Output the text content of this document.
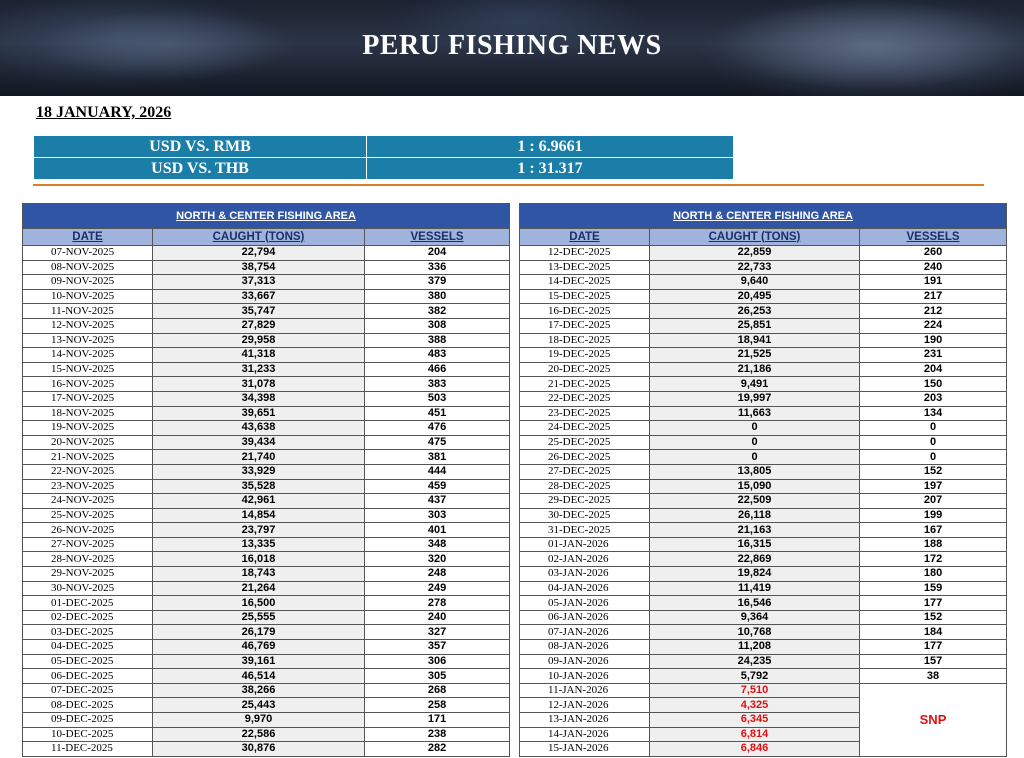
PERU FISHING NEWS
18 JANUARY, 2026
USD VS. RMB	1 : 6.9661
USD VS. THB	1 : 31.317
NORTH & CENTER FISHING AREA		
DATE	CAUGHT (TONS)	VESSELS
07-NOV-2025	22,794	204
08-NOV-2025	38,754	336
09-NOV-2025	37,313	379
10-NOV-2025	33,667	380
11-NOV-2025	35,747	382
12-NOV-2025	27,829	308
13-NOV-2025	29,958	388
14-NOV-2025	41,318	483
15-NOV-2025	31,233	466
16-NOV-2025	31,078	383
17-NOV-2025	34,398	503
18-NOV-2025	39,651	451
19-NOV-2025	43,638	476
20-NOV-2025	39,434	475
21-NOV-2025	21,740	381
22-NOV-2025	33,929	444
23-NOV-2025	35,528	459
24-NOV-2025	42,961	437
25-NOV-2025	14,854	303
26-NOV-2025	23,797	401
27-NOV-2025	13,335	348
28-NOV-2025	16,018	320
29-NOV-2025	18,743	248
30-NOV-2025	21,264	249
01-DEC-2025	16,500	278
02-DEC-2025	25,555	240
03-DEC-2025	26,179	327
04-DEC-2025	46,769	357
05-DEC-2025	39,161	306
06-DEC-2025	46,514	305
07-DEC-2025	38,266	268
08-DEC-2025	25,443	258
09-DEC-2025	9,970	171
10-DEC-2025	22,586	238
11-DEC-2025	30,876	282
NORTH & CENTER FISHING AREA		
DATE	CAUGHT (TONS)	VESSELS
12-DEC-2025	22,859	260
13-DEC-2025	22,733	240
14-DEC-2025	9,640	191
15-DEC-2025	20,495	217
16-DEC-2025	26,253	212
17-DEC-2025	25,851	224
18-DEC-2025	18,941	190
19-DEC-2025	21,525	231
20-DEC-2025	21,186	204
21-DEC-2025	9,491	150
22-DEC-2025	19,997	203
23-DEC-2025	11,663	134
24-DEC-2025	0	0
25-DEC-2025	0	0
26-DEC-2025	0	0
27-DEC-2025	13,805	152
28-DEC-2025	15,090	197
29-DEC-2025	22,509	207
30-DEC-2025	26,118	199
31-DEC-2025	21,163	167
01-JAN-2026	16,315	188
02-JAN-2026	22,869	172
03-JAN-2026	19,824	180
04-JAN-2026	11,419	159
05-JAN-2026	16,546	177
06-JAN-2026	9,364	152
07-JAN-2026	10,768	184
08-JAN-2026	11,208	177
09-JAN-2026	24,235	157
10-JAN-2026	5,792	38
11-JAN-2026	7,510	SNP
12-JAN-2026	4,325	
13-JAN-2026	6,345	
14-JAN-2026	6,814	
15-JAN-2026	6,846	
